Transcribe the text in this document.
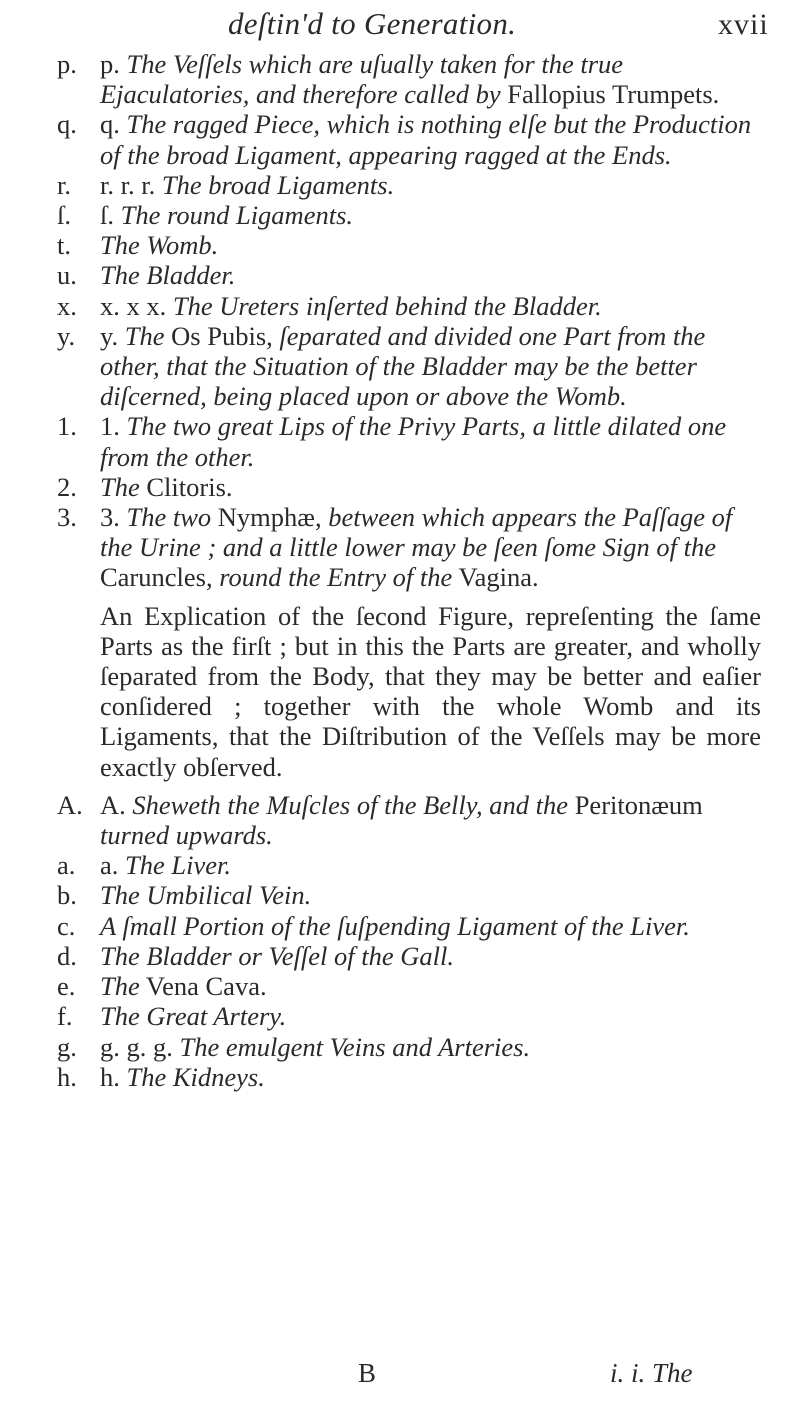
deſtin'd to Generation.	xvii
p. p. The Veſſels which are uſually taken for the true Ejaculatories, and therefore called by Fallopius Trumpets.
q. q. The ragged Piece, which is nothing elſe but the Production of the broad Ligament, appearing ragged at the Ends.
r. r. r. r. The broad Ligaments.
ſ. ſ. The round Ligaments.
t. The Womb.
u. The Bladder.
x. x. x x. The Ureters inſerted behind the Bladder.
y. y. The Os Pubis, ſeparated and divided one Part from the other, that the Situation of the Bladder may be the better diſcerned, being placed upon or above the Womb.
1. 1. The two great Lips of the Privy Parts, a little dilated one from the other.
2. The Clitoris.
3. 3. The two Nymphæ, between which appears the Paſſage of the Urine ; and a little lower may be ſeen ſome Sign of the Caruncles, round the Entry of the Vagina.

An Explication of the ſecond Figure, repreſenting the ſame Parts as the firſt ; but in this the Parts are greater, and wholly ſeparated from the Body, that they may be better and eaſier conſidered ; together with the whole Womb and its Ligaments, that the Diſtribution of the Veſſels may be more exactly obſerved.

A. A. Sheweth the Muſcles of the Belly, and the Peritonæum turned upwards.
a. a. The Liver.
b. The Umbilical Vein.
c. A ſmall Portion of the ſuſpending Ligament of the Liver.
d. The Bladder or Veſſel of the Gall.
e. The Vena Cava.
f. The Great Artery.
g. g. g. g. The emulgent Veins and Arteries.
h. h. The Kidneys.
B	i. i. The
